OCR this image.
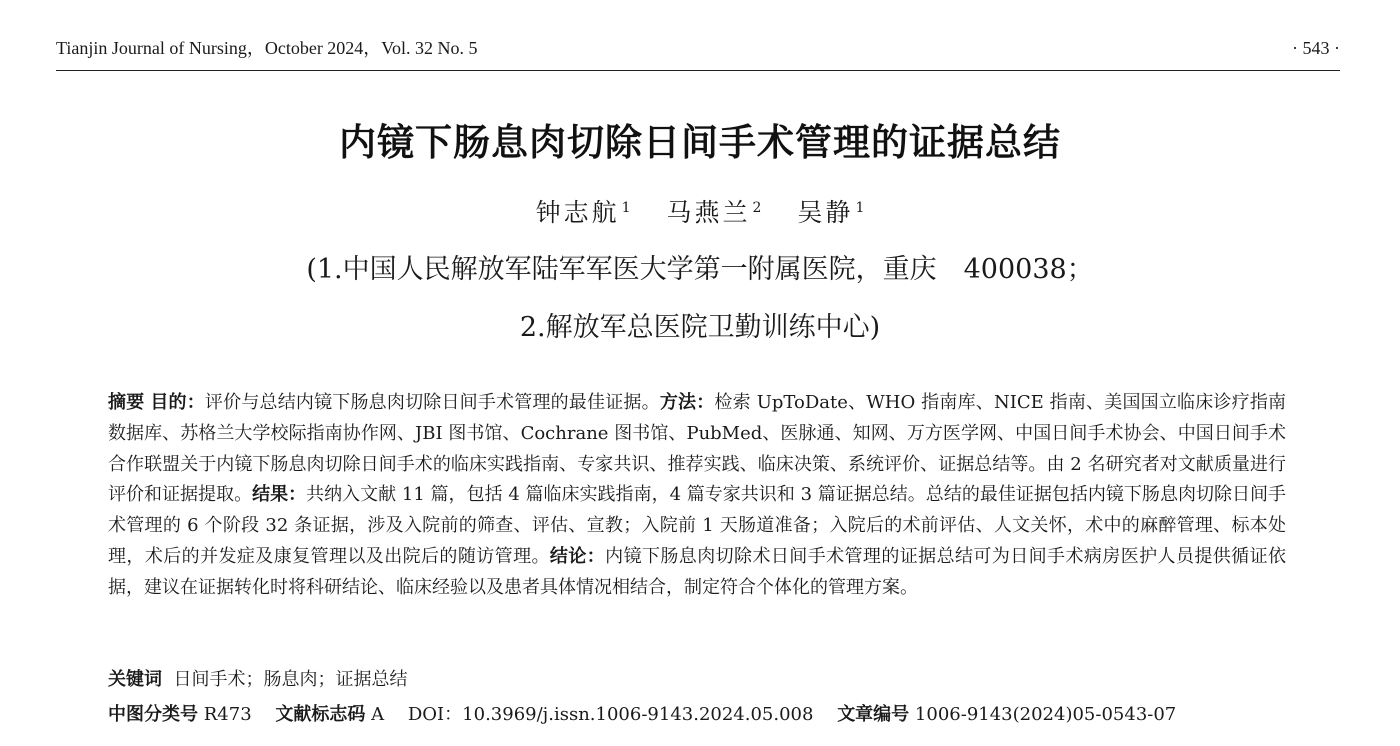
Tianjin Journal of Nursing，October 2024，Vol. 32 No. 5	· 543 ·
内镜下肠息肉切除日间手术管理的证据总结
钟志航 $^1$ 马燕兰 $^2$ 吴静 $^1$
(1.中国人民解放军陆军军医大学第一附属医院，重庆　400038；
2.解放军总医院卫勤训练中心)
摘要 目的：评价与总结内镜下肠息肉切除日间手术管理的最佳证据。方法：检索 UpToDate、WHO 指南库、NICE 指南、美国国立临床诊疗指南数据库、苏格兰大学校际指南协作网、JBI 图书馆、Cochrane 图书馆、PubMed、医脉通、知网、万方医学网、中国日间手术协会、中国日间手术合作联盟关于内镜下肠息肉切除日间手术的临床实践指南、专家共识、推荐实践、临床决策、系统评价、证据总结等。由 2 名研究者对文献质量进行评价和证据提取。结果：共纳入文献 11 篇，包括 4 篇临床实践指南，4 篇专家共识和 3 篇证据总结。总结的最佳证据包括内镜下肠息肉切除日间手术管理的 6 个阶段 32 条证据，涉及入院前的筛查、评估、宣教；入院前 1 天肠道准备；入院后的术前评估、人文关怀，术中的麻醉管理、标本处理，术后的并发症及康复管理以及出院后的随访管理。结论：内镜下肠息肉切除术日间手术管理的证据总结可为日间手术病房医护人员提供循证依据，建议在证据转化时将科研结论、临床经验以及患者具体情况相结合，制定符合个体化的管理方案。
关键词 日间手术；肠息肉；证据总结
中图分类号 R473 文献标志码 A DOI：10.3969/j.issn.1006-9143.2024.05.008 文章编号 1006-9143(2024)05-0543-07
